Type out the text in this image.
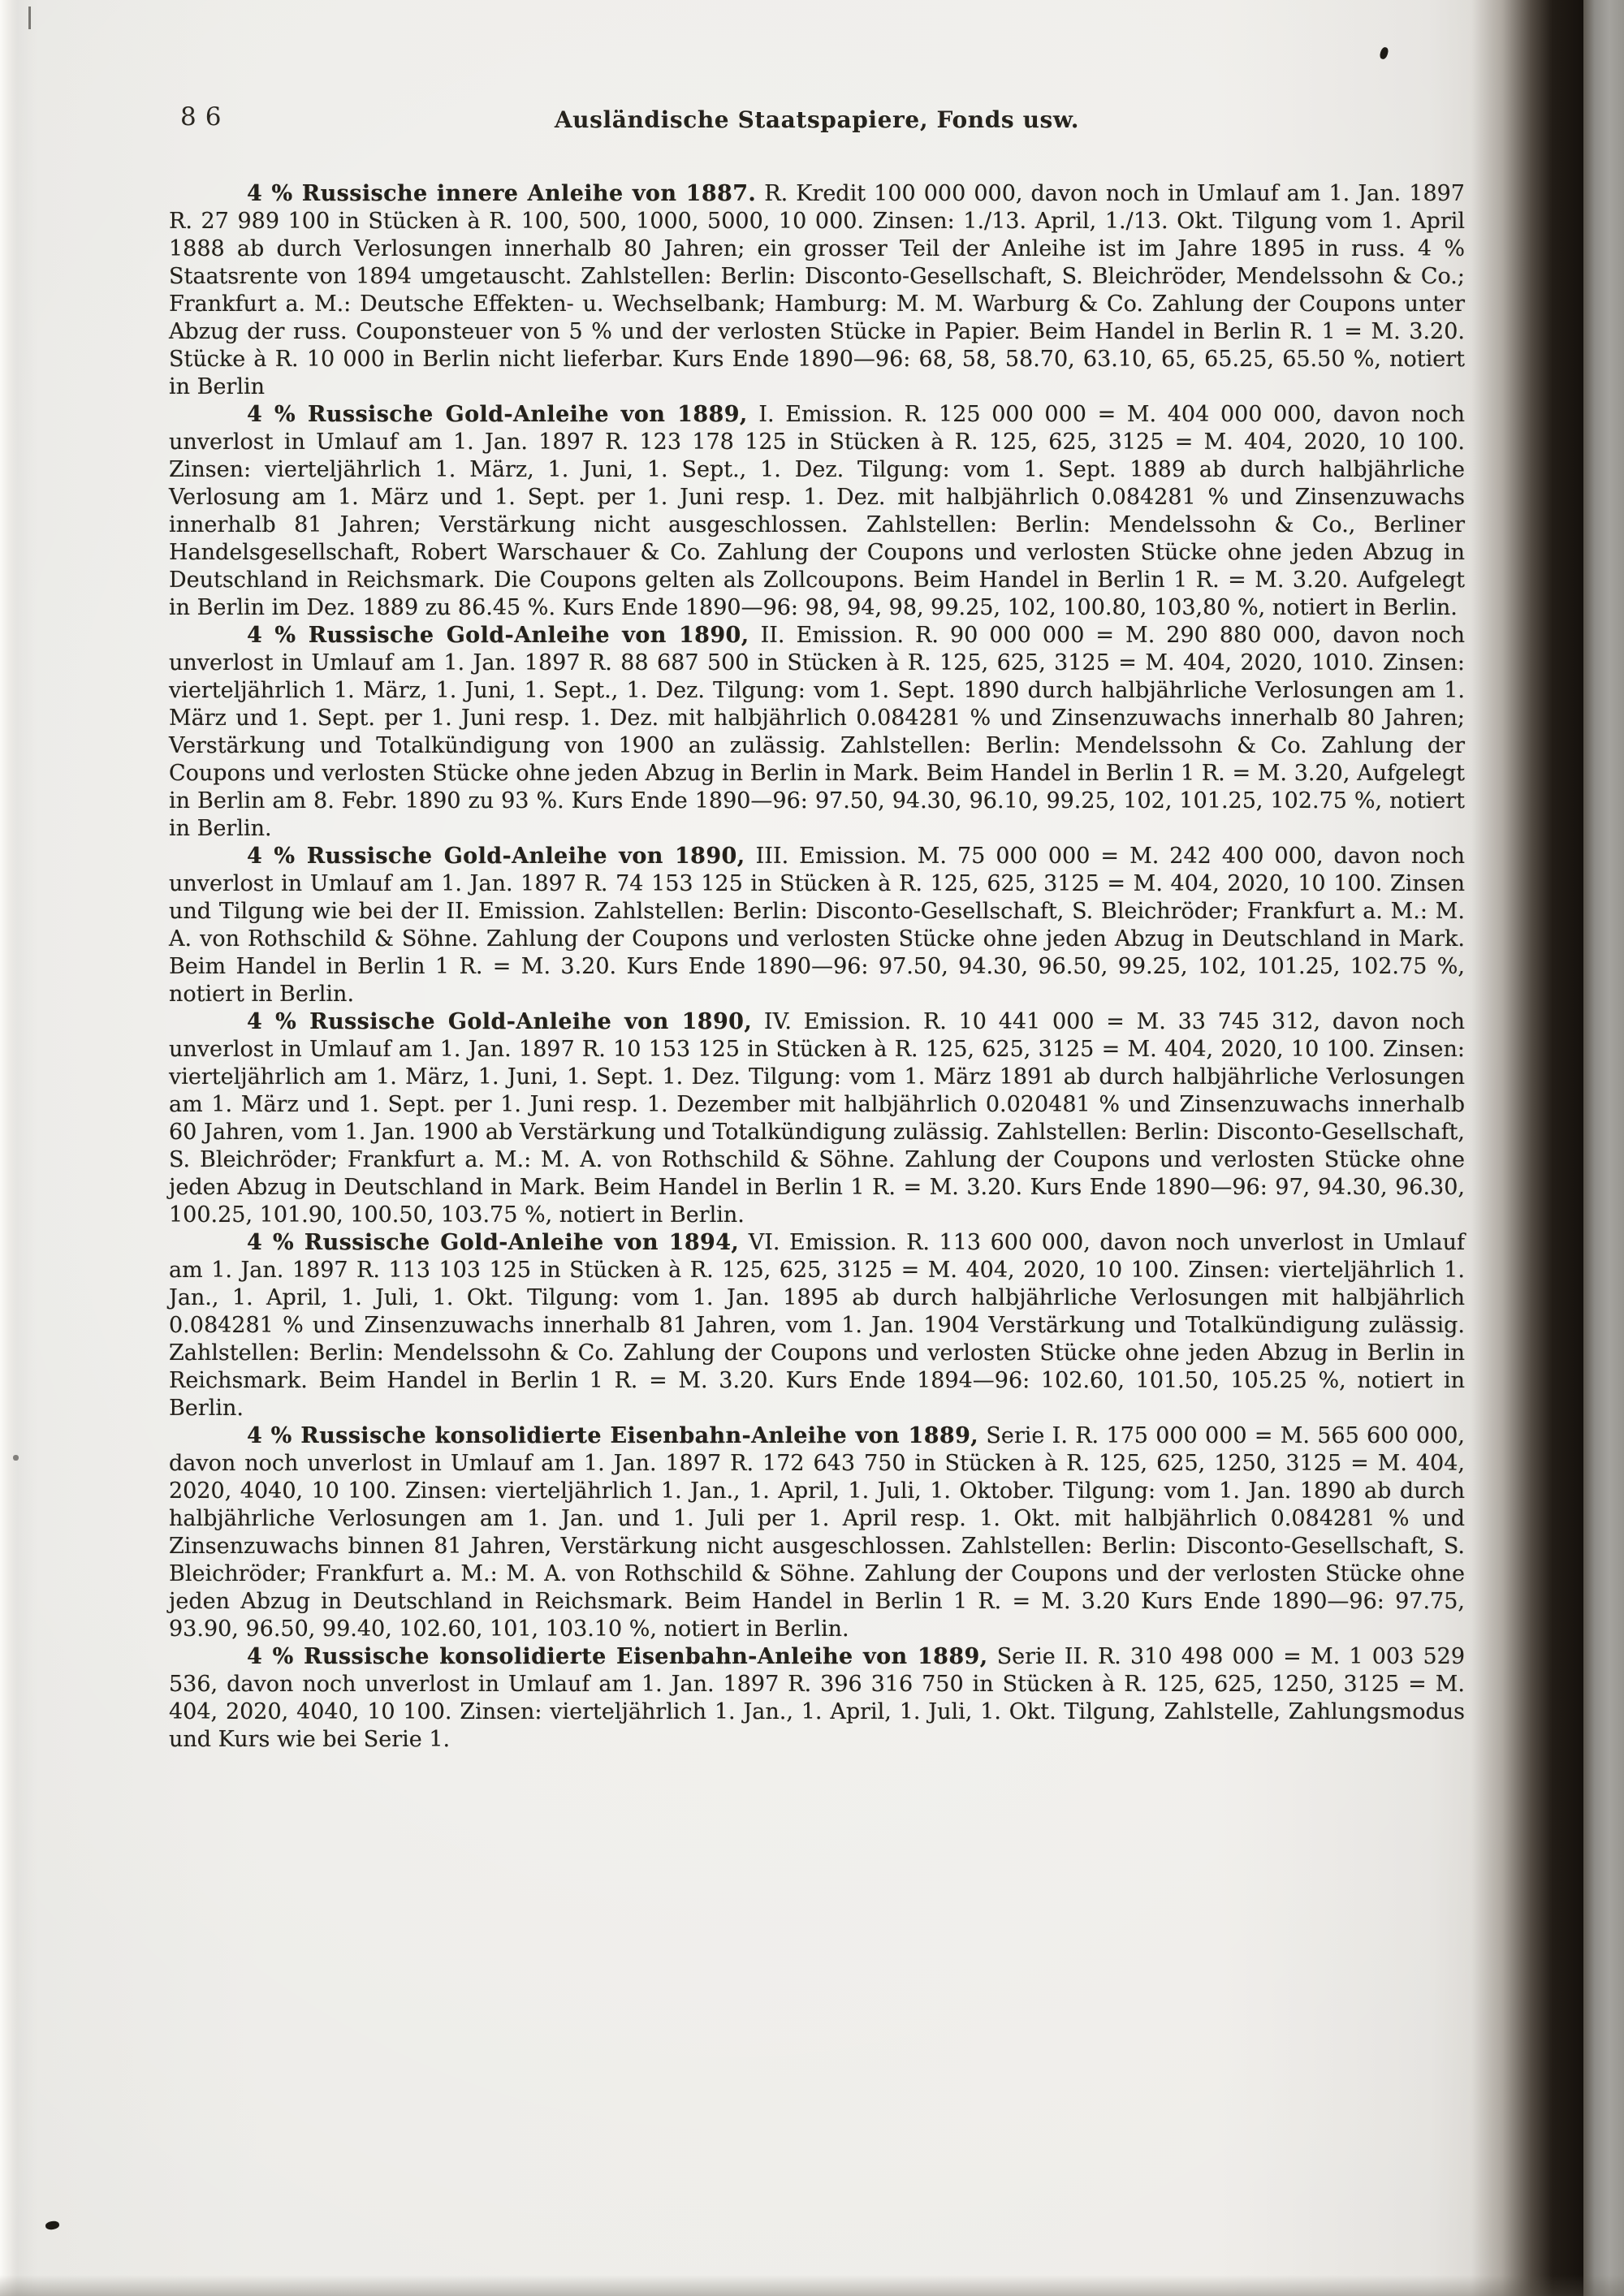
86	Ausländische Staatspapiere, Fonds usw.

4 % Russische innere Anleihe von 1887. R. Kredit 100 000 000, davon noch in Umlauf am 1. Jan. 1897 R. 27 989 100 in Stücken à R. 100, 500, 1000, 5000, 10 000. Zinsen: 1./13. April, 1./13. Okt. Tilgung vom 1. April 1888 ab durch Verlosungen innerhalb 80 Jahren; ein grosser Teil der Anleihe ist im Jahre 1895 in russ. 4 % Staatsrente von 1894 umgetauscht. Zahlstellen: Berlin: Disconto-Gesellschaft, S. Bleichröder, Mendelssohn & Co.; Frankfurt a. M.: Deutsche Effekten- u. Wechselbank; Hamburg: M. M. Warburg & Co. Zahlung der Coupons unter Abzug der russ. Couponsteuer von 5 % und der verlosten Stücke in Papier. Beim Handel in Berlin R. 1 = M. 3.20. Stücke à R. 10 000 in Berlin nicht lieferbar. Kurs Ende 1890—96: 68, 58, 58.70, 63.10, 65, 65.25, 65.50 %, notiert in Berlin

4 % Russische Gold-Anleihe von 1889, I. Emission. R. 125 000 000 = M. 404 000 000, davon noch unverlost in Umlauf am 1. Jan. 1897 R. 123 178 125 in Stücken à R. 125, 625, 3125 = M. 404, 2020, 10 100. Zinsen: vierteljährlich 1. März, 1. Juni, 1. Sept., 1. Dez. Tilgung: vom 1. Sept. 1889 ab durch halbjährliche Verlosung am 1. März und 1. Sept. per 1. Juni resp. 1. Dez. mit halbjährlich 0.084281 % und Zinsenzuwachs innerhalb 81 Jahren; Verstärkung nicht ausgeschlossen. Zahlstellen: Berlin: Mendelssohn & Co., Berliner Handelsgesellschaft, Robert Warschauer & Co. Zahlung der Coupons und verlosten Stücke ohne jeden Abzug in Deutschland in Reichsmark. Die Coupons gelten als Zollcoupons. Beim Handel in Berlin 1 R. = M. 3.20. Aufgelegt in Berlin im Dez. 1889 zu 86.45 %. Kurs Ende 1890—96: 98, 94, 98, 99.25, 102, 100.80, 103,80 %, notiert in Berlin.

4 % Russische Gold-Anleihe von 1890, II. Emission. R. 90 000 000 = M. 290 880 000, davon noch unverlost in Umlauf am 1. Jan. 1897 R. 88 687 500 in Stücken à R. 125, 625, 3125 = M. 404, 2020, 1010. Zinsen: vierteljährlich 1. März, 1. Juni, 1. Sept., 1. Dez. Tilgung: vom 1. Sept. 1890 durch halbjährliche Verlosungen am 1. März und 1. Sept. per 1. Juni resp. 1. Dez. mit halbjährlich 0.084281 % und Zinsenzuwachs innerhalb 80 Jahren; Verstärkung und Totalkündigung von 1900 an zulässig. Zahlstellen: Berlin: Mendelssohn & Co. Zahlung der Coupons und verlosten Stücke ohne jeden Abzug in Berlin in Mark. Beim Handel in Berlin 1 R. = M. 3.20, Aufgelegt in Berlin am 8. Febr. 1890 zu 93 %. Kurs Ende 1890—96: 97.50, 94.30, 96.10, 99.25, 102, 101.25, 102.75 %, notiert in Berlin.

4 % Russische Gold-Anleihe von 1890, III. Emission. M. 75 000 000 = M. 242 400 000, davon noch unverlost in Umlauf am 1. Jan. 1897 R. 74 153 125 in Stücken à R. 125, 625, 3125 = M. 404, 2020, 10 100. Zinsen und Tilgung wie bei der II. Emission. Zahlstellen: Berlin: Disconto-Gesellschaft, S. Bleichröder; Frankfurt a. M.: M. A. von Rothschild & Söhne. Zahlung der Coupons und verlosten Stücke ohne jeden Abzug in Deutschland in Mark. Beim Handel in Berlin 1 R. = M. 3.20. Kurs Ende 1890—96: 97.50, 94.30, 96.50, 99.25, 102, 101.25, 102.75 %, notiert in Berlin.

4 % Russische Gold-Anleihe von 1890, IV. Emission. R. 10 441 000 = M. 33 745 312, davon noch unverlost in Umlauf am 1. Jan. 1897 R. 10 153 125 in Stücken à R. 125, 625, 3125 = M. 404, 2020, 10 100. Zinsen: vierteljährlich am 1. März, 1. Juni, 1. Sept. 1. Dez. Tilgung: vom 1. März 1891 ab durch halbjährliche Verlosungen am 1. März und 1. Sept. per 1. Juni resp. 1. Dezember mit halbjährlich 0.020481 % und Zinsenzuwachs innerhalb 60 Jahren, vom 1. Jan. 1900 ab Verstärkung und Totalkündigung zulässig. Zahlstellen: Berlin: Disconto-Gesellschaft, S. Bleichröder; Frankfurt a. M.: M. A. von Rothschild & Söhne. Zahlung der Coupons und verlosten Stücke ohne jeden Abzug in Deutschland in Mark. Beim Handel in Berlin 1 R. = M. 3.20. Kurs Ende 1890—96: 97, 94.30, 96.30, 100.25, 101.90, 100.50, 103.75 %, notiert in Berlin.

4 % Russische Gold-Anleihe von 1894, VI. Emission. R. 113 600 000, davon noch unverlost in Umlauf am 1. Jan. 1897 R. 113 103 125 in Stücken à R. 125, 625, 3125 = M. 404, 2020, 10 100. Zinsen: vierteljährlich 1. Jan., 1. April, 1. Juli, 1. Okt. Tilgung: vom 1. Jan. 1895 ab durch halbjährliche Verlosungen mit halbjährlich 0.084281 % und Zinsenzuwachs innerhalb 81 Jahren, vom 1. Jan. 1904 Verstärkung und Totalkündigung zulässig. Zahlstellen: Berlin: Mendelssohn & Co. Zahlung der Coupons und verlosten Stücke ohne jeden Abzug in Berlin in Reichsmark. Beim Handel in Berlin 1 R. = M. 3.20. Kurs Ende 1894—96: 102.60, 101.50, 105.25 %, notiert in Berlin.

4 % Russische konsolidierte Eisenbahn-Anleihe von 1889, Serie I. R. 175 000 000 = M. 565 600 000, davon noch unverlost in Umlauf am 1. Jan. 1897 R. 172 643 750 in Stücken à R. 125, 625, 1250, 3125 = M. 404, 2020, 4040, 10 100. Zinsen: vierteljährlich 1. Jan., 1. April, 1. Juli, 1. Oktober. Tilgung: vom 1. Jan. 1890 ab durch halbjährliche Verlosungen am 1. Jan. und 1. Juli per 1. April resp. 1. Okt. mit halbjährlich 0.084281 % und Zinsenzuwachs binnen 81 Jahren, Verstärkung nicht ausgeschlossen. Zahlstellen: Berlin: Disconto-Gesellschaft, S. Bleichröder; Frankfurt a. M.: M. A. von Rothschild & Söhne. Zahlung der Coupons und der verlosten Stücke ohne jeden Abzug in Deutschland in Reichsmark. Beim Handel in Berlin 1 R. = M. 3.20 Kurs Ende 1890—96: 97.75, 93.90, 96.50, 99.40, 102.60, 101, 103.10 %, notiert in Berlin.

4 % Russische konsolidierte Eisenbahn-Anleihe von 1889, Serie II. R. 310 498 000 = M. 1 003 529 536, davon noch unverlost in Umlauf am 1. Jan. 1897 R. 396 316 750 in Stücken à R. 125, 625, 1250, 3125 = M. 404, 2020, 4040, 10 100. Zinsen: vierteljährlich 1. Jan., 1. April, 1. Juli, 1. Okt. Tilgung, Zahlstelle, Zahlungsmodus und Kurs wie bei Serie 1.
